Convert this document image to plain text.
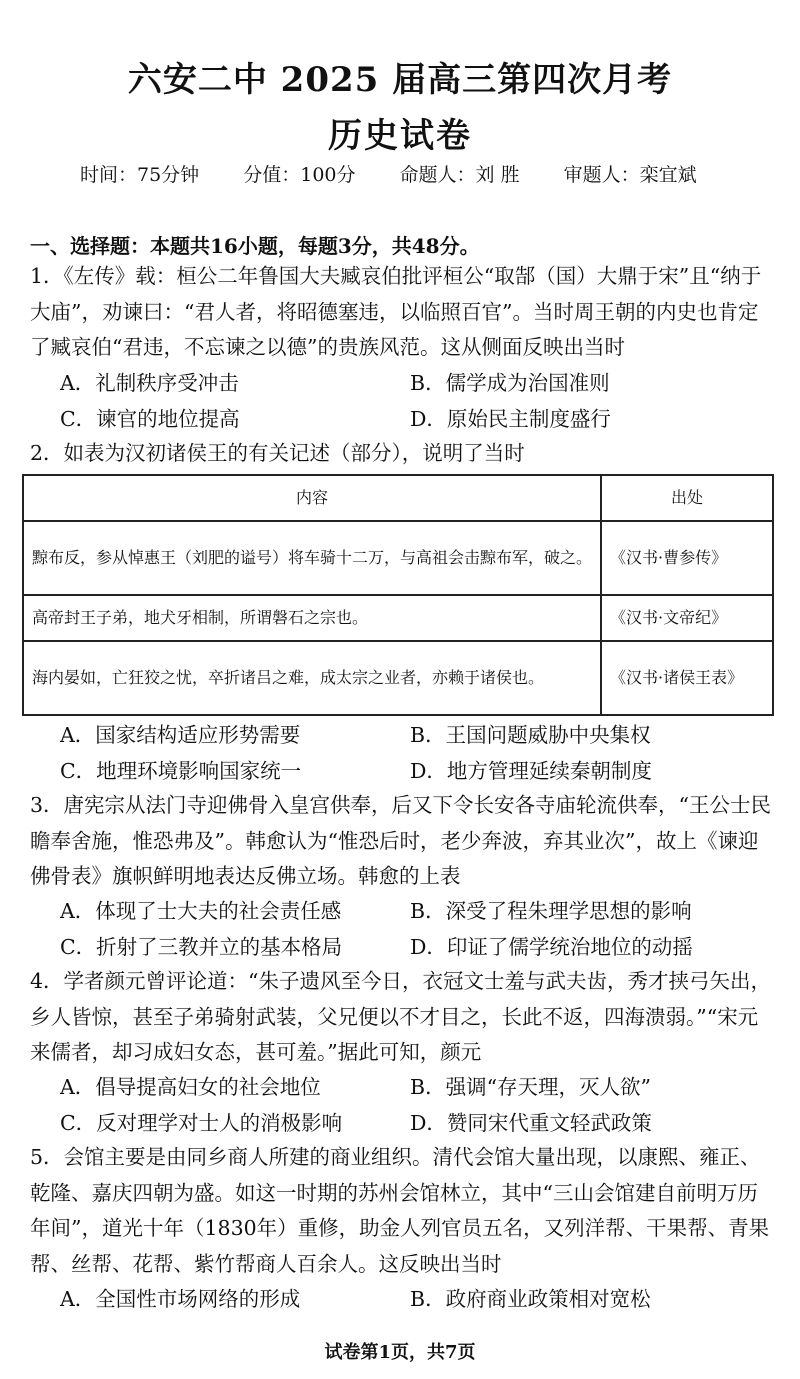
六安二中 2025 届高三第四次月考
历史试卷
时间：75分钟 分值：100分 命题人：刘 胜 审题人：栾宜斌
一、选择题：本题共16小题，每题3分，共48分。
1．《左传》载：桓公二年鲁国大夫臧哀伯批评桓公“取郜（国）大鼎于宋”且“纳于大庙”，劝谏曰：“君人者，将昭德塞违，以临照百官”。当时周王朝的内史也肯定了臧哀伯“君违，不忘谏之以德”的贵族风范。这从侧面反映出当时
A．礼制秩序受冲击	B．儒学成为治国准则
C．谏官的地位提高	D．原始民主制度盛行
2．如表为汉初诸侯王的有关记述（部分），说明了当时
内容	出处
黥布反，参从悼惠王（刘肥的谥号）将车骑十二万，与高祖会击黥布军，破之。	《汉书·曹参传》
高帝封王子弟，地犬牙相制，所谓磐石之宗也。	《汉书·文帝纪》
海内晏如，亡狂狡之忧，卒折诸吕之难，成太宗之业者，亦赖于诸侯也。	《汉书·诸侯王表》
A．国家结构适应形势需要	B．王国问题威胁中央集权
C．地理环境影响国家统一	D．地方管理延续秦朝制度
3．唐宪宗从法门寺迎佛骨入皇宫供奉，后又下令长安各寺庙轮流供奉，“王公士民瞻奉舍施，惟恐弗及”。韩愈认为“惟恐后时，老少奔波，弃其业次”，故上《谏迎佛骨表》旗帜鲜明地表达反佛立场。韩愈的上表
A．体现了士大夫的社会责任感	B．深受了程朱理学思想的影响
C．折射了三教并立的基本格局	D．印证了儒学统治地位的动摇
4．学者颜元曾评论道：“朱子遗风至今日，衣冠文士羞与武夫齿，秀才挟弓矢出，乡人皆惊，甚至子弟骑射武装，父兄便以不才目之，长此不返，四海溃弱。”“宋元来儒者，却习成妇女态，甚可羞。”据此可知，颜元
A．倡导提高妇女的社会地位	B．强调“存天理，灭人欲”
C．反对理学对士人的消极影响	D．赞同宋代重文轻武政策
5．会馆主要是由同乡商人所建的商业组织。清代会馆大量出现，以康熙、雍正、乾隆、嘉庆四朝为盛。如这一时期的苏州会馆林立，其中“三山会馆建自前明万历年间”，道光十年（1830年）重修，助金人列官员五名，又列洋帮、干果帮、青果帮、丝帮、花帮、紫竹帮商人百余人。这反映出当时
A．全国性市场网络的形成	B．政府商业政策相对宽松
试卷第1页，共7页
